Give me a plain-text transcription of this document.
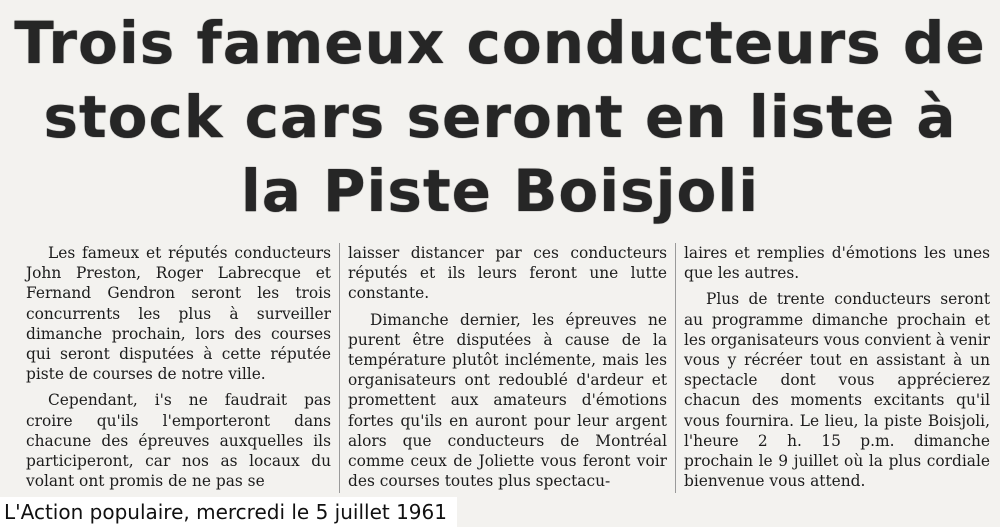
Trois fameux conducteurs de
stock cars seront en liste à
la Piste Boisjoli

Les fameux et réputés conducteurs John Preston, Roger Labrecque et Fernand Gendron seront les trois concurrents les plus à surveiller dimanche prochain, lors des courses qui seront disputées à cette réputée piste de courses de notre ville.

Cependant, i's ne faudrait pas croire qu'ils l'emporteront dans chacune des épreuves auxquelles ils participeront, car nos as locaux du volant ont promis de ne pas se

laisser distancer par ces conducteurs réputés et ils leurs feront une lutte constante.

Dimanche dernier, les épreuves ne purent être disputées à cause de la température plutôt inclémente, mais les organisateurs ont redoublé d'ardeur et promettent aux amateurs d'émotions fortes qu'ils en auront pour leur argent alors que conducteurs de Montréal comme ceux de Joliette vous feront voir des courses toutes plus spectacu-

laires et remplies d'émotions les unes que les autres.

Plus de trente conducteurs seront au programme dimanche prochain et les organisateurs vous convient à venir vous y récréer tout en assistant à un spectacle dont vous apprécierez chacun des moments excitants qu'il vous fournira. Le lieu, la piste Boisjoli, l'heure 2 h. 15 p.m. dimanche prochain le 9 juillet où la plus cordiale bienvenue vous attend.

L'Action populaire, mercredi le 5 juillet 1961
